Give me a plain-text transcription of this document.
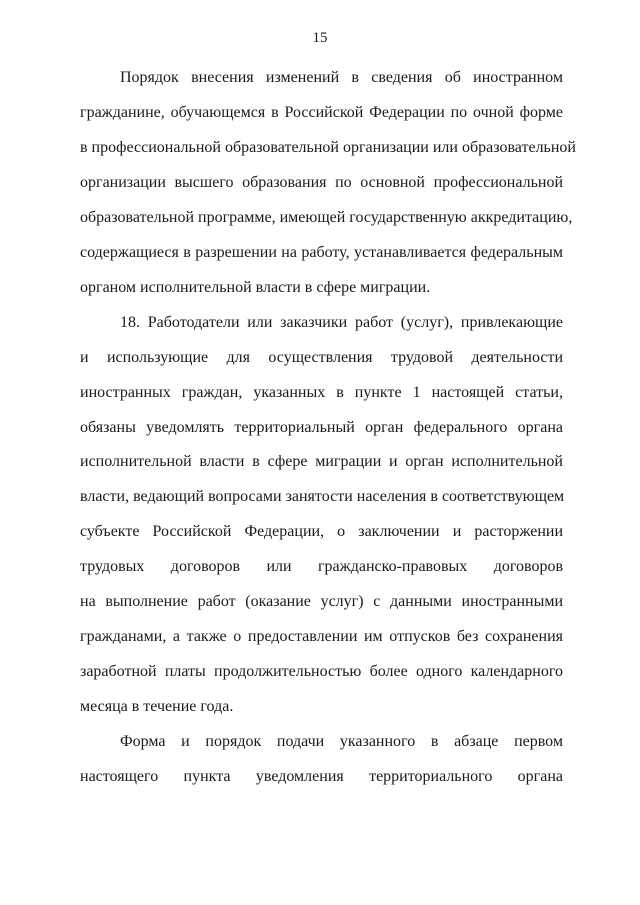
15
Порядок внесения изменений в сведения об иностранном
гражданине, обучающемся в Российской Федерации по очной форме
в профессиональной образовательной организации или образовательной
организации высшего образования по основной профессиональной
образовательной программе, имеющей государственную аккредитацию,
содержащиеся в разрешении на работу, устанавливается федеральным
органом исполнительной власти в сфере миграции.
18. Работодатели или заказчики работ (услуг), привлекающие
и использующие для осуществления трудовой деятельности
иностранных граждан, указанных в пункте 1 настоящей статьи,
обязаны уведомлять территориальный орган федерального органа
исполнительной власти в сфере миграции и орган исполнительной
власти, ведающий вопросами занятости населения в соответствующем
субъекте Российской Федерации, о заключении и расторжении
трудовых договоров или гражданско-правовых договоров
на выполнение работ (оказание услуг) с данными иностранными
гражданами, а также о предоставлении им отпусков без сохранения
заработной платы продолжительностью более одного календарного
месяца в течение года.
Форма и порядок подачи указанного в абзаце первом
настоящего пункта уведомления территориального органа
